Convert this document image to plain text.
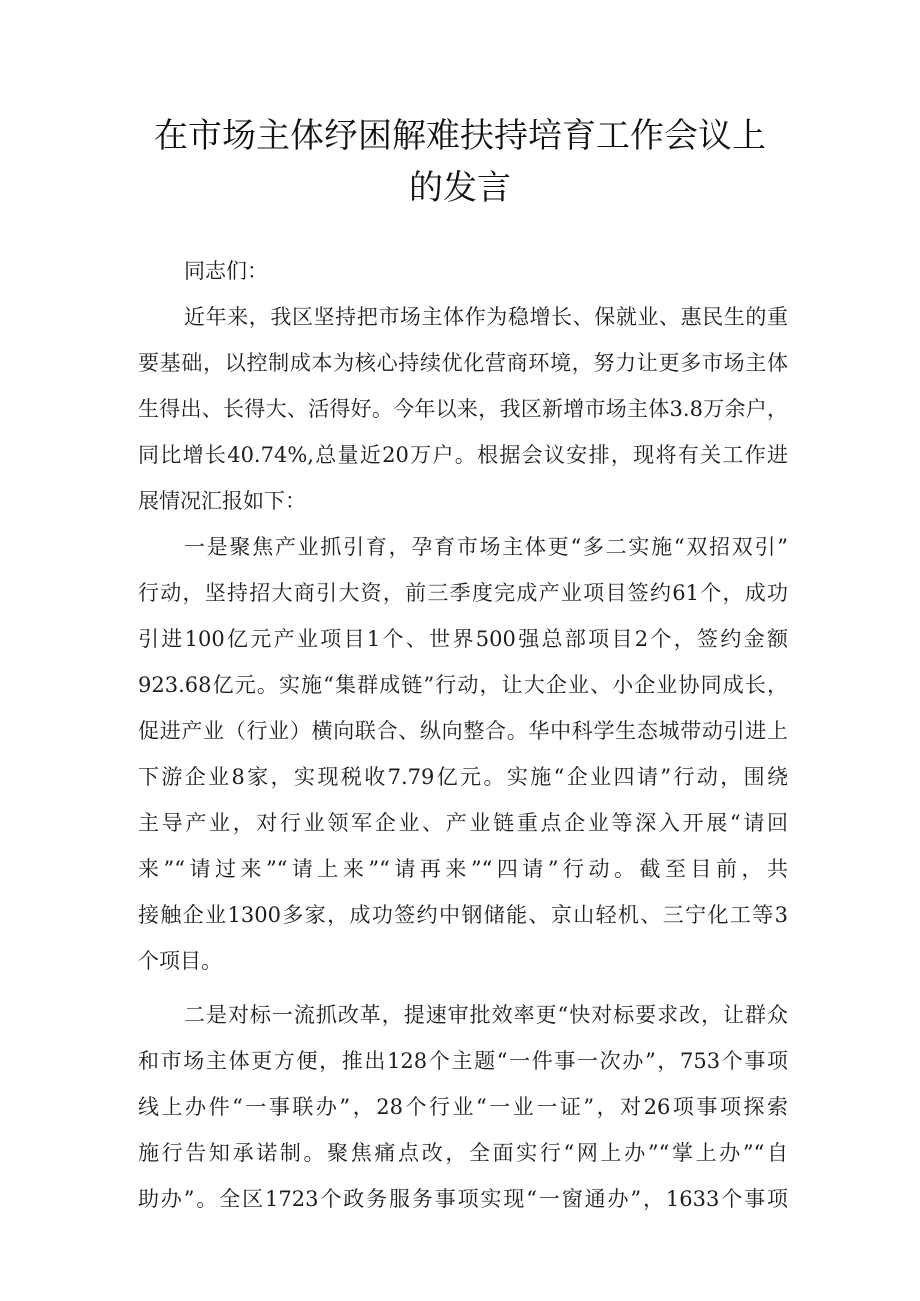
在市场主体纾困解难扶持培育工作会议上
的发言

同志们：

近年来，我区坚持把市场主体作为稳增长、保就业、惠民生的重
要基础，以控制成本为核心持续优化营商环境，努力让更多市场主体
生得出、长得大、活得好。今年以来，我区新增市场主体3.8万余户，
同比增长40.74%,总量近20万户。根据会议安排，现将有关工作进
展情况汇报如下：
一是聚焦产业抓引育，孕育市场主体更“多二实施“双招双引”
行动，坚持招大商引大资，前三季度完成产业项目签约61个，成功
引进100亿元产业项目1个、世界500强总部项目2个，签约金额
923.68亿元。实施“集群成链”行动，让大企业、小企业协同成长，
促进产业（行业）横向联合、纵向整合。华中科学生态城带动引进上
下游企业8家，实现税收7.79亿元。实施“企业四请”行动，围绕
主导产业，对行业领军企业、产业链重点企业等深入开展“请回
来”“请过来”“请上来”“请再来”“四请”行动。截至目前，共
接触企业1300多家，成功签约中钢储能、京山轻机、三宁化工等3
个项目。
二是对标一流抓改革，提速审批效率更“快对标要求改，让群众
和市场主体更方便，推出128个主题“一件事一次办”，753个事项
线上办件“一事联办”，28个行业“一业一证”，对26项事项探索
施行告知承诺制。聚焦痛点改，全面实行“网上办”“掌上办”“自
助办”。全区1723个政务服务事项实现“一窗通办”，1633个事项
